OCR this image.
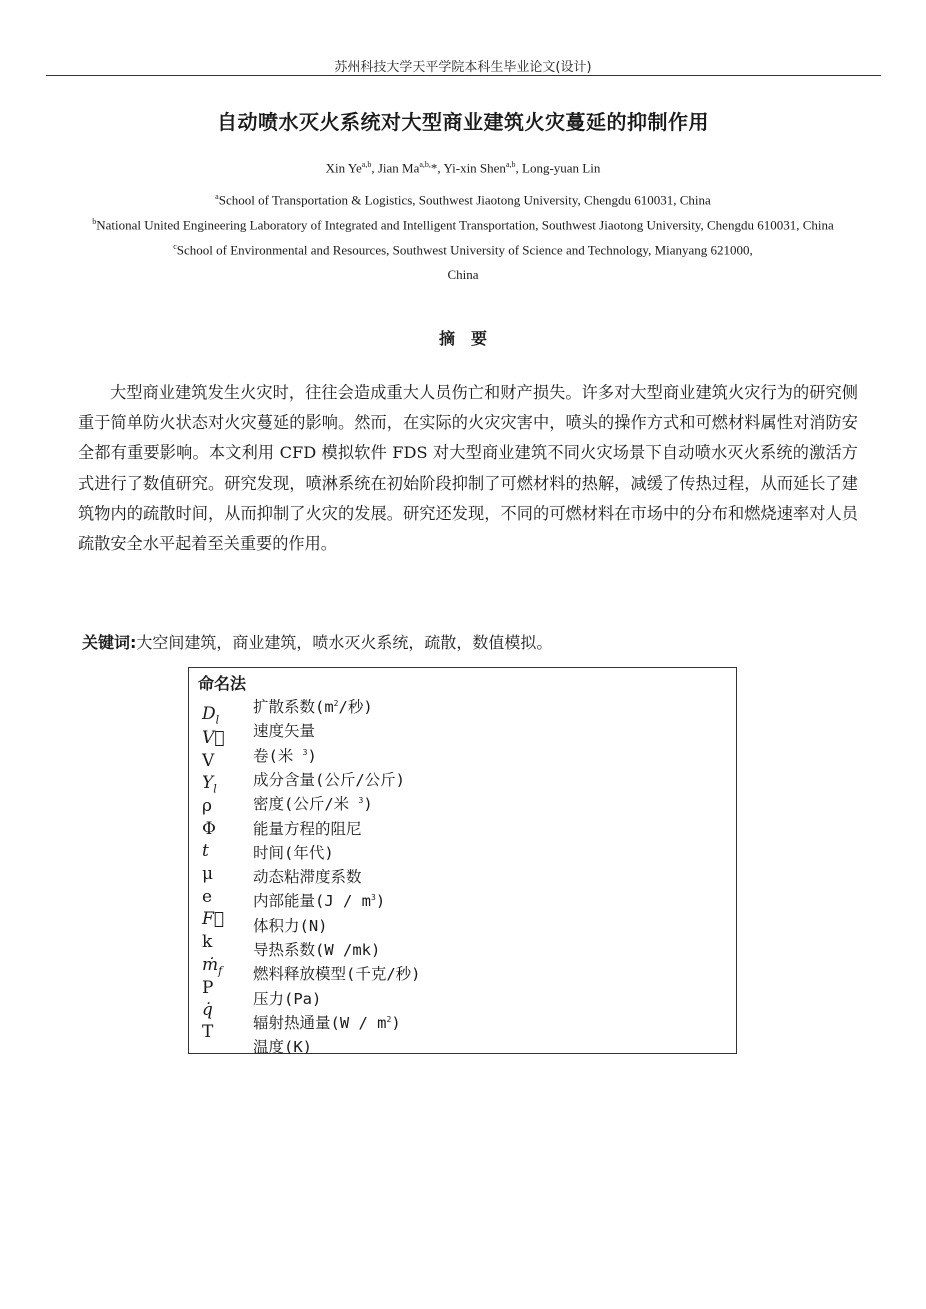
苏州科技大学天平学院本科生毕业论文(设计)
自动喷水灭火系统对大型商业建筑火灾蔓延的抑制作用
Xin Ye$^{a,b}$, Jian $Ma^{a,b,}*$, Yi-xin Shen$^{a,b}$, Long-yuan Lin
$^a$School of Transportation & Logistics, Southwest Jiaotong University, Chengdu 610031, China
$^b$National United Engineering Laboratory of Integrated and Intelligent Transportation, Southwest Jiaotong University, Chengdu 610031, China
$^c$School of Environmental and Resources, Southwest University of Science and Technology, Mianyang 621000,
China
摘要

大型商业建筑发生火灾时，往往会造成重大人员伤亡和财产损失。许多对大型商业建筑火灾行为的研究侧重于简单防火状态对火灾蔓延的影响。然而，在实际的火灾灾害中，喷头的操作方式和可燃材料属性对消防安全都有重要影响。本文利用 CFD 模拟软件 FDS 对大型商业建筑不同火灾场景下自动喷水灭火系统的激活方式进行了数值研究。研究发现，喷淋系统在初始阶段抑制了可燃材料的热解，减缓了传热过程，从而延长了建筑物内的疏散时间，从而抑制了火灾的发展。研究还发现，不同的可燃材料在市场中的分布和燃烧速率对人员疏散安全水平起着至关重要的作用。

关键词:大空间建筑，商业建筑，喷水灭火系统，疏散，数值模拟。
命名法
$D_l$
V⃗
V
$Y_l$
ρ
Φ
t
μ
e
F⃗
k
ṁ$_f$
P
q̇
T
扩散系数($m^2/$秒)
速度矢量
卷(米 $^3$)
成分含量(公斤/公斤)
密度(公斤/米 $^3$)
能量方程的阻尼
时间(年代)
动态粘滞度系数
内部能量$(J / m^3)$
体积力(N)
导热系数(W /mk)
燃料释放模型(千克/秒)
压力(Pa)
辐射热通量$(W / m^2)$
温度(K)
